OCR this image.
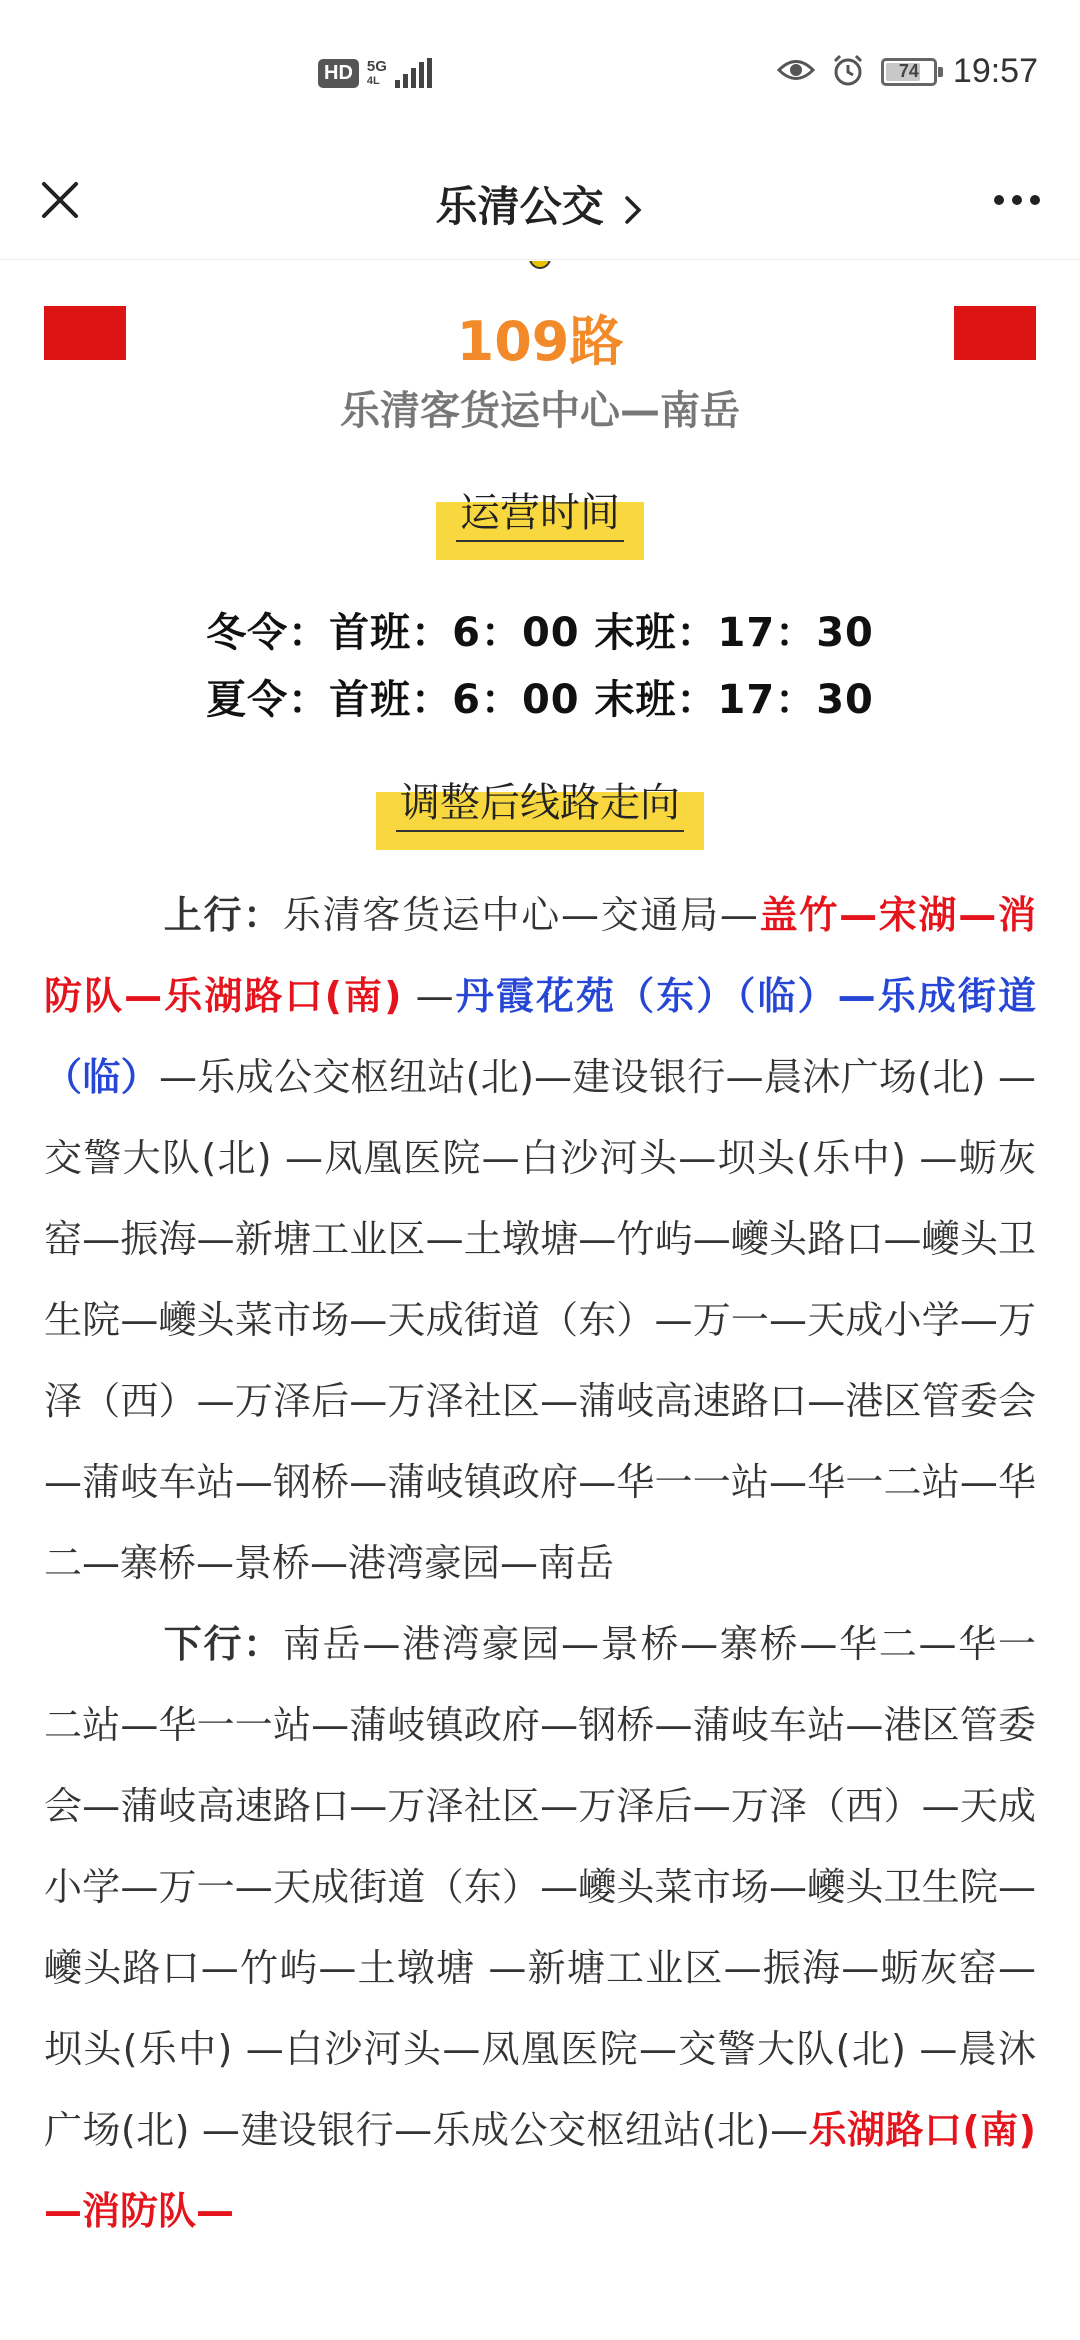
HD 5G
4L	74 19:57
乐清公交
109路
乐清客货运中心—南岳
运营时间
冬令：首班：6：00 末班：17：30
夏令：首班：6：00 末班：17：30
调整后线路走向
上行：乐清客货运中心—交通局—盖竹—宋湖—消防队—乐湖路口(南) —丹霞花苑（东）（临）—乐成街道（临）—乐成公交枢纽站(北)—建设银行—晨沐广场(北) —交警大队(北) —凤凰医院—白沙河头—坝头(乐中) —蛎灰窑—振海—新塘工业区—土墩塘—竹屿—巙头路口—巙头卫生院—巙头菜市场—天成街道（东）—万一—天成小学—万泽（西）—万泽后—万泽社区—蒲岐高速路口—港区管委会—蒲岐车站—钢桥—蒲岐镇政府—华一一站—华一二站—华二—寨桥—景桥—港湾豪园—南岳
下行：南岳—港湾豪园—景桥—寨桥—华二—华一二站—华一一站—蒲岐镇政府—钢桥—蒲岐车站—港区管委会—蒲岐高速路口—万泽社区—万泽后—万泽（西）—天成小学—万一—天成街道（东）—巙头菜市场—巙头卫生院—巙头路口—竹屿—土墩塘 —新塘工业区—振海—蛎灰窑—坝头(乐中) —白沙河头—凤凰医院—交警大队(北) —晨沐广场(北) —建设银行—乐成公交枢纽站(北)—乐湖路口(南) —消防队—
